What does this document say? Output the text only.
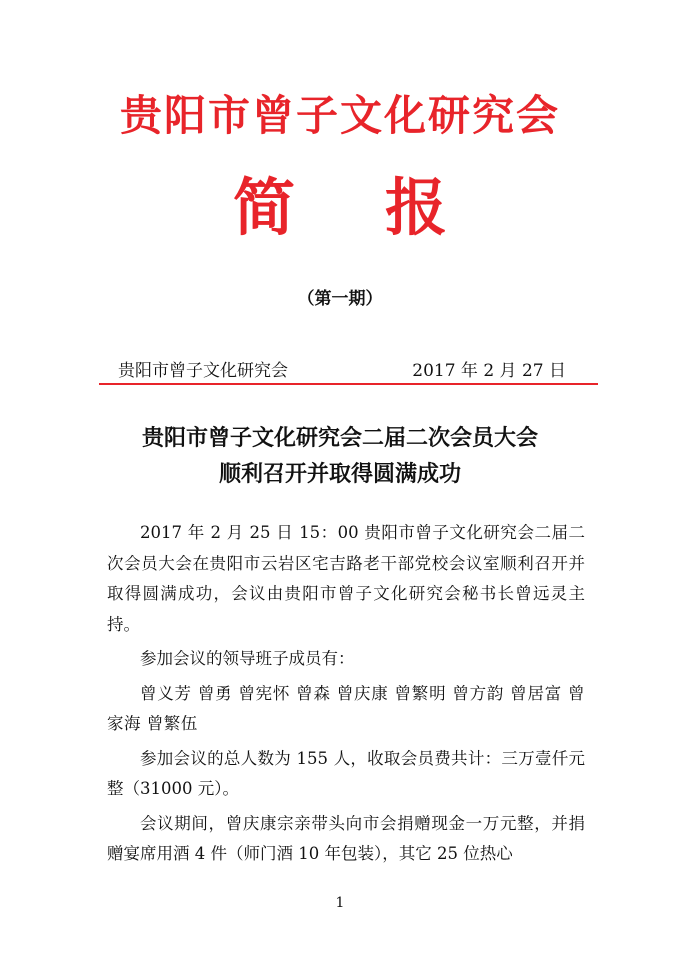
贵阳市曾子文化研究会
简 报
（第一期）
贵阳市曾子文化研究会	2017 年 2 月 27 日
贵阳市曾子文化研究会二届二次会员大会
顺利召开并取得圆满成功

2017 年 2 月 25 日 15：00 贵阳市曾子文化研究会二届二次会员大会在贵阳市云岩区宅吉路老干部党校会议室顺利召开并取得圆满成功，会议由贵阳市曾子文化研究会秘书长曾远灵主持。

参加会议的领导班子成员有：

曾义芳 曾勇 曾宪怀 曾森 曾庆康 曾繁明 曾方韵 曾居富 曾家海 曾繁伍

参加会议的总人数为 155 人，收取会员费共计：三万壹仟元整（31000 元）。

会议期间，曾庆康宗亲带头向市会捐赠现金一万元整，并捐赠宴席用酒 4 件（师门酒 10 年包装），其它 25 位热心

1
